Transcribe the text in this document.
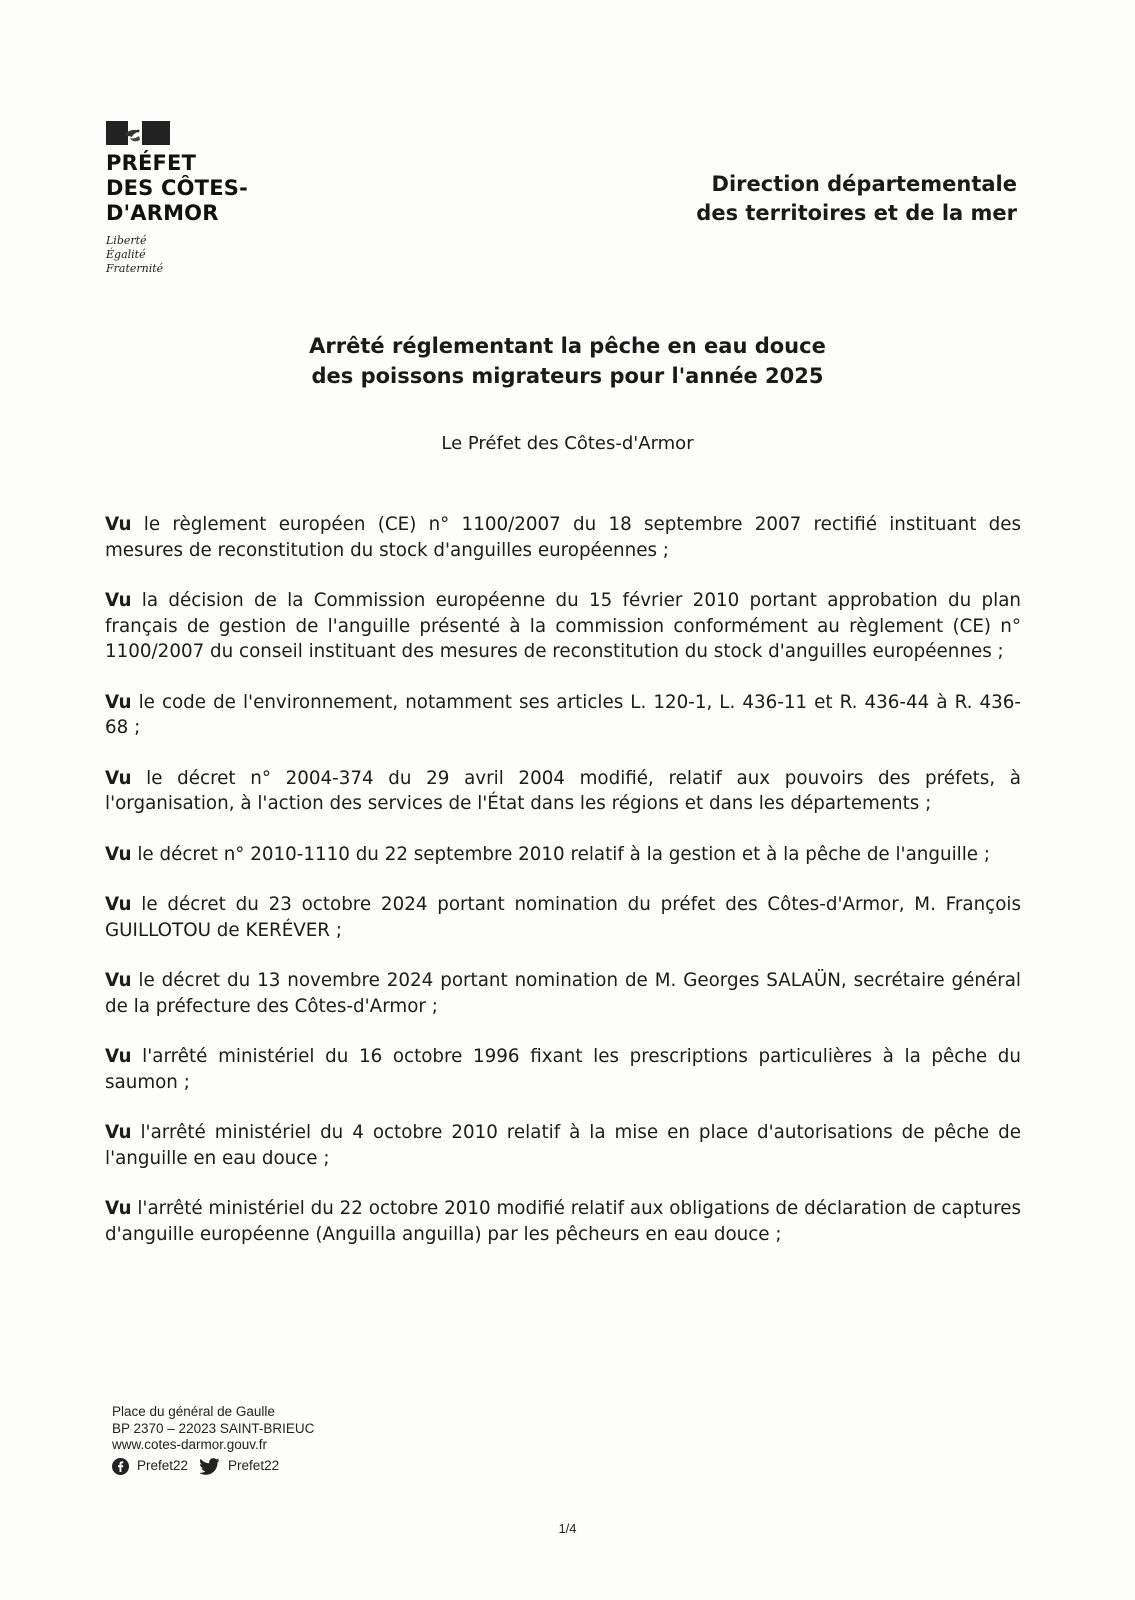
PRÉFET
DES CÔTES-
D'ARMOR
Liberté
Égalité
Fraternité
Direction départementale
des territoires et de la mer
Arrêté réglementant la pêche en eau douce
des poissons migrateurs pour l'année 2025
Le Préfet des Côtes-d'Armor

Vu le règlement européen (CE) n° 1100/2007 du 18 septembre 2007 rectifié instituant des mesures de reconstitution du stock d'anguilles européennes ;

Vu la décision de la Commission européenne du 15 février 2010 portant approbation du plan français de gestion de l'anguille présenté à la commission conformément au règlement (CE) n° 1100/2007 du conseil instituant des mesures de reconstitution du stock d'anguilles européennes ;

Vu le code de l'environnement, notamment ses articles L. 120-1, L. 436-11 et R. 436-44 à R. 436-68 ;

Vu le décret n° 2004-374 du 29 avril 2004 modifié, relatif aux pouvoirs des préfets, à l'organisation, à l'action des services de l'État dans les régions et dans les départements ;

Vu le décret n° 2010-1110 du 22 septembre 2010 relatif à la gestion et à la pêche de l'anguille ;

Vu le décret du 23 octobre 2024 portant nomination du préfet des Côtes-d'Armor, M. François GUILLOTOU de KERÉVER ;

Vu le décret du 13 novembre 2024 portant nomination de M. Georges SALAÜN, secrétaire général de la préfecture des Côtes-d'Armor ;

Vu l'arrêté ministériel du 16 octobre 1996 fixant les prescriptions particulières à la pêche du saumon ;

Vu l'arrêté ministériel du 4 octobre 2010 relatif à la mise en place d'autorisations de pêche de l'anguille en eau douce ;

Vu l'arrêté ministériel du 22 octobre 2010 modifié relatif aux obligations de déclaration de captures d'anguille européenne (Anguilla anguilla) par les pêcheurs en eau douce ;

Place du général de Gaulle
BP 2370 – 22023 SAINT-BRIEUC
www.cotes-darmor.gouv.fr
Prefet22	Prefet22
1/4
